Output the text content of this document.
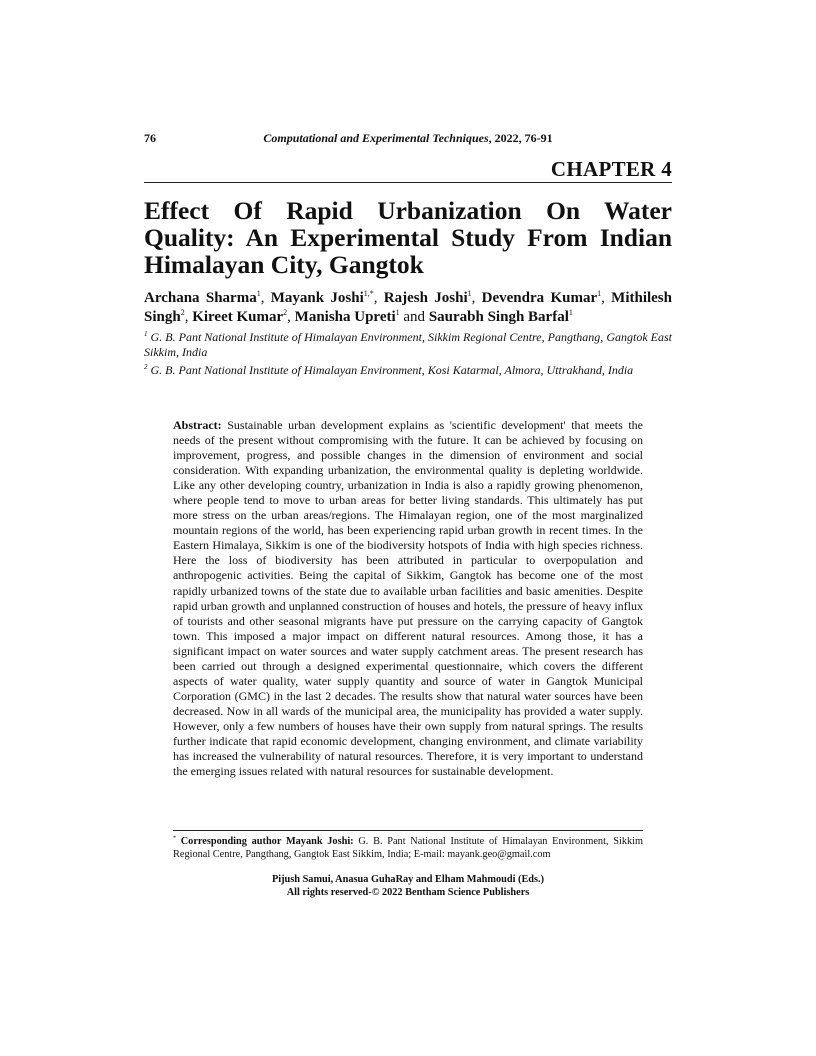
76	Computational and Experimental Techniques, 2022, 76-91
CHAPTER 4
Effect Of Rapid Urbanization On Water Quality: An Experimental Study From Indian Himalayan City, Gangtok
Archana Sharma$^1$, Mayank Joshi$^{1,*}$, Rajesh Joshi$^1$, Devendra Kumar$^1$, Mithilesh Singh$^2$, Kireet Kumar$^2$, Manisha Upreti$^1$ and Saurabh Singh Barfal$^1$
$^1$ G. B. Pant National Institute of Himalayan Environment, Sikkim Regional Centre, Pangthang, Gangtok East Sikkim, India
$^2$ G. B. Pant National Institute of Himalayan Environment, Kosi Katarmal, Almora, Uttrakhand, India
Abstract: Sustainable urban development explains as 'scientific development' that meets the needs of the present without compromising with the future. It can be achieved by focusing on improvement, progress, and possible changes in the dimension of environment and social consideration. With expanding urbanization, the environmental quality is depleting worldwide. Like any other developing country, urbanization in India is also a rapidly growing phenomenon, where people tend to move to urban areas for better living standards. This ultimately has put more stress on the urban areas/regions. The Himalayan region, one of the most marginalized mountain regions of the world, has been experiencing rapid urban growth in recent times. In the Eastern Himalaya, Sikkim is one of the biodiversity hotspots of India with high species richness. Here the loss of biodiversity has been attributed in particular to overpopulation and anthropogenic activities. Being the capital of Sikkim, Gangtok has become one of the most rapidly urbanized towns of the state due to available urban facilities and basic amenities. Despite rapid urban growth and unplanned construction of houses and hotels, the pressure of heavy influx of tourists and other seasonal migrants have put pressure on the carrying capacity of Gangtok town. This imposed a major impact on different natural resources. Among those, it has a significant impact on water sources and water supply catchment areas. The present research has been carried out through a designed experimental questionnaire, which covers the different aspects of water quality, water supply quantity and source of water in Gangtok Municipal Corporation (GMC) in the last 2 decades. The results show that natural water sources have been decreased. Now in all wards of the municipal area, the municipality has provided a water supply. However, only a few numbers of houses have their own supply from natural springs. The results further indicate that rapid economic development, changing environment, and climate variability has increased the vulnerability of natural resources. Therefore, it is very important to understand the emerging issues related with natural resources for sustainable development.
* Corresponding author Mayank Joshi: G. B. Pant National Institute of Himalayan Environment, Sikkim Regional Centre, Pangthang, Gangtok East Sikkim, India; E-mail: mayank.geo@gmail.com
Pijush Samui, Anasua GuhaRay and Elham Mahmoudi (Eds.)
All rights reserved-© 2022 Bentham Science Publishers
